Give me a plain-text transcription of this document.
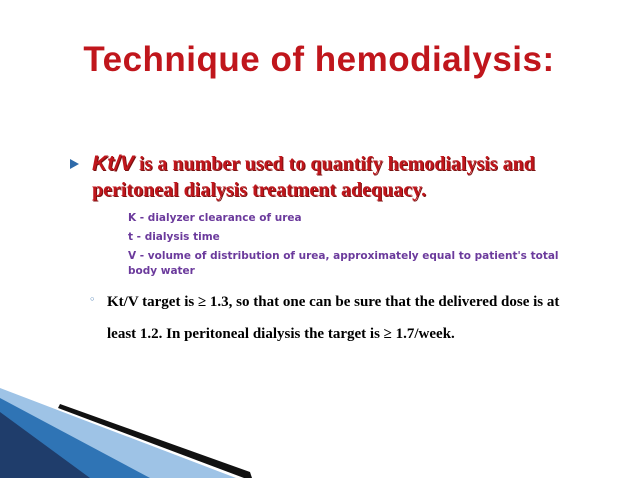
Technique of hemodialysis:
Kt/V is a number used to quantify hemodialysis and peritoneal dialysis treatment adequacy.
K - dialyzer clearance of urea
t - dialysis time
V - volume of distribution of urea, approximately equal to patient's total body water
◦ Kt/V target is ≥ 1.3, so that one can be sure that the delivered dose is at least 1.2. In peritoneal dialysis the target is ≥ 1.7/week.
